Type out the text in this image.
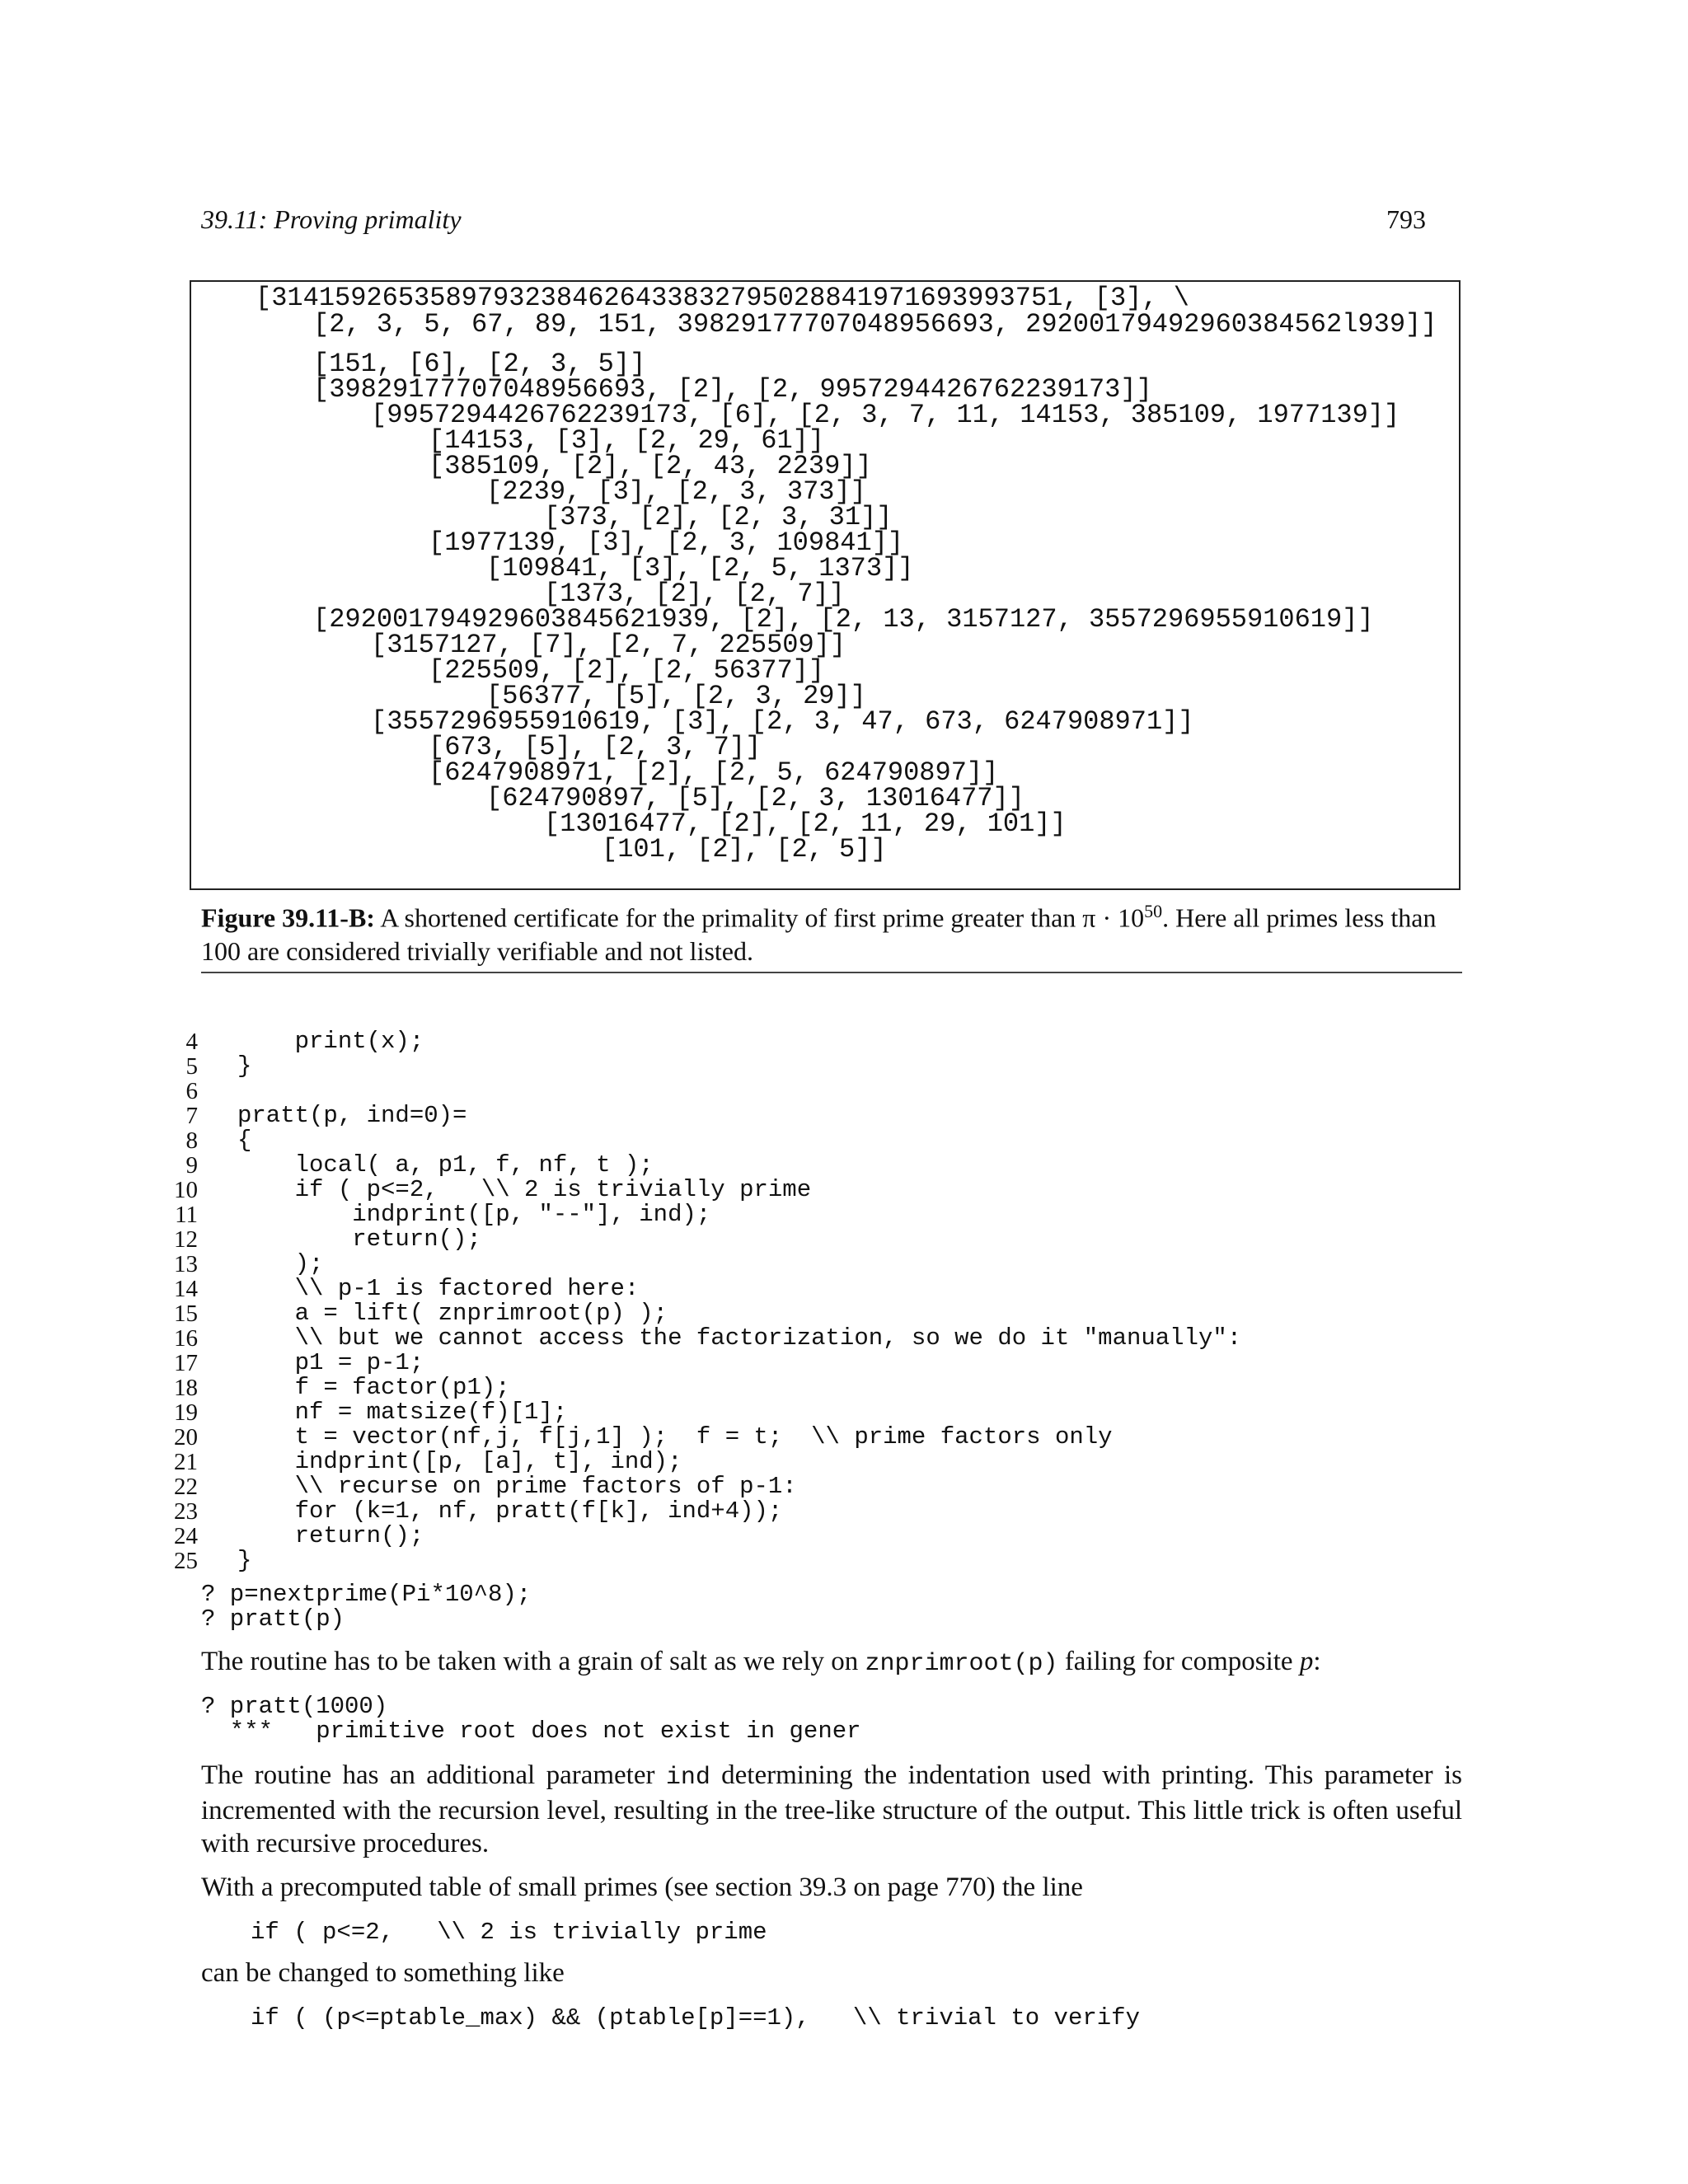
39.11: Proving primality	793
[31415926535897932384626433832795028841971693993751, [3], \
[2, 3, 5, 67, 89, 151, 39829177707048956693, 29200179492960384562l939]]
[151, [6], [2, 3, 5]]
[39829177707048956693, [2], [2, 9957294426762239173]]
[9957294426762239173, [6], [2, 3, 7, 11, 14153, 385109, 1977139]]
[14153, [3], [2, 29, 61]]
[385109, [2], [2, 43, 2239]]
[2239, [3], [2, 3, 373]]
[373, [2], [2, 3, 31]]
[1977139, [3], [2, 3, 109841]]
[109841, [3], [2, 5, 1373]]
[1373, [2], [2, 7]]
[292001794929603845621939, [2], [2, 13, 3157127, 3557296955910619]]
[3157127, [7], [2, 7, 225509]]
[225509, [2], [2, 56377]]
[56377, [5], [2, 3, 29]]
[3557296955910619, [3], [2, 3, 47, 673, 6247908971]]
[673, [5], [2, 3, 7]]
[6247908971, [2], [2, 5, 624790897]]
[624790897, [5], [2, 3, 13016477]]
[13016477, [2], [2, 11, 29, 101]]
[101, [2], [2, 5]]
Figure 39.11-B: A shortened certificate for the primality of first prime greater than $\pi \cdot 10^{50}$. Here all primes less than 100 are considered trivially verifiable and not listed.
4
5
6
7
8
9
10
11
12
13
14
15
16
17
18
19
20
21
22
23
24
25
print(x);
}
pratt(p, ind=0)=
{
local( a, p1, f, nf, t );
if ( p<=2,   \\ 2 is trivially prime
indprint([p, "--"], ind);
return();
);
\\ p-1 is factored here:
a = lift( znprimroot(p) );
\\ but we cannot access the factorization, so we do it "manually":
p1 = p-1;
f = factor(p1);
nf = matsize(f)[1];
t = vector(nf,j, f[j,1] );  f = t;  \\ prime factors only
indprint([p, [a], t], ind);
\\ recurse on prime factors of p-1:
for (k=1, nf, pratt(f[k], ind+4));
return();
}
? p=nextprime(Pi*10^8);
? pratt(p)
The routine has to be taken with a grain of salt as we rely on znprimroot(p) failing for composite p:
? pratt(1000)
***   primitive root does not exist in gener
The routine has an additional parameter ind determining the indentation used with printing. This parameter is incremented with the recursion level, resulting in the tree-like structure of the output. This little trick is often useful with recursive procedures.
With a precomputed table of small primes (see section 39.3 on page 770) the line
if ( p<=2,   \\ 2 is trivially prime
can be changed to something like
if ( (p<=ptable_max) && (ptable[p]==1),   \\ trivial to verify
